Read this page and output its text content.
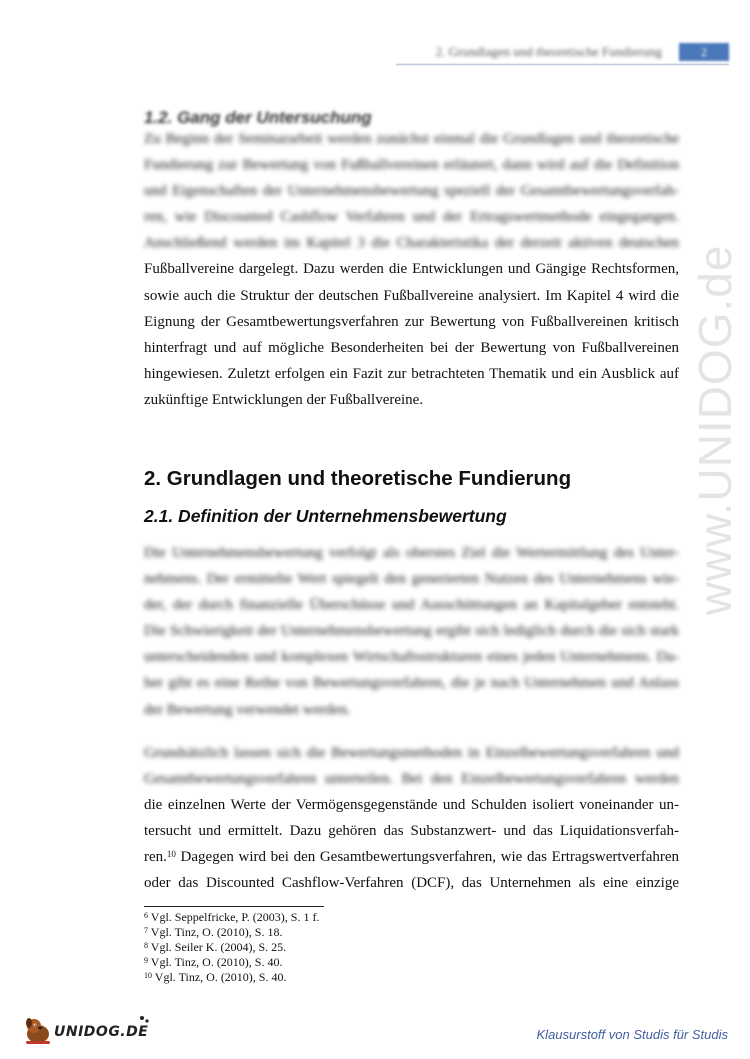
2. Grundlagen und theoretische Fundierung	2
www.UNIDOG.de
1.2. Gang der Untersuchung
Zu Beginn der Seminararbeit werden zunächst einmal die Grundlagen und theoretische
Fundierung zur Bewertung von Fußballvereinen erläutert, dann wird auf die Definition
und Eigenschaften der Unternehmensbewertung speziell der Gesamtbewertungsverfah-
ren, wie Discounted Cashflow Verfahren und der Ertragswertmethode eingegangen.
Anschließend werden im Kapitel 3 die Charakteristika der derzeit aktiven deutschen
Fußballvereine dargelegt. Dazu werden die Entwicklungen und Gängige Rechtsformen,
sowie auch die Struktur der deutschen Fußballvereine analysiert. Im Kapitel 4 wird die
Eignung der Gesamtbewertungsverfahren zur Bewertung von Fußballvereinen kritisch
hinterfragt und auf mögliche Besonderheiten bei der Bewertung von Fußballvereinen
hingewiesen. Zuletzt erfolgen ein Fazit zur betrachteten Thematik und ein Ausblick auf
zukünftige Entwicklungen der Fußballvereine.
2. Grundlagen und theoretische Fundierung
2.1. Definition der Unternehmensbewertung
Die Unternehmensbewertung verfolgt als oberstes Ziel die Wertermittlung des Unter-
nehmens. Der ermittelte Wert spiegelt den generierten Nutzen des Unternehmens wie-
der, der durch finanzielle Überschüsse und Ausschüttungen an Kapitalgeber entsteht.
Die Schwierigkeit der Unternehmensbewertung ergibt sich lediglich durch die sich stark
unterscheidenden und komplexen Wirtschaftsstrukturen eines jeden Unternehmens. Da-
her gibt es eine Reihe von Bewertungsverfahren, die je nach Unternehmen und Anlass
der Bewertung verwendet werden.
Grundsätzlich lassen sich die Bewertungsmethoden in Einzelbewertungsverfahren und
Gesamtbewertungsverfahren unterteilen. Bei den Einzelbewertungsverfahren werden
die einzelnen Werte der Vermögensgegenstände und Schulden isoliert voneinander un-
tersucht und ermittelt. Dazu gehören das Substanzwert- und das Liquidationsverfah-
ren.$^{10}$ Dagegen wird bei den Gesamtbewertungsverfahren, wie das Ertragswertverfahren
oder das Discounted Cashflow-Verfahren (DCF), das Unternehmen als eine einzige
$^6$ Vgl. Seppelfricke, P. (2003), S. 1 f.
$^7$ Vgl. Tinz, O. (2010), S. 18.
$^8$ Vgl. Seiler K. (2004), S. 25.
$^9$ Vgl. Tinz, O. (2010), S. 40.
$^{10}$ Vgl. Tinz, O. (2010), S. 40.
UNIDOG.DE	Klausurstoff von Studis für Studis
